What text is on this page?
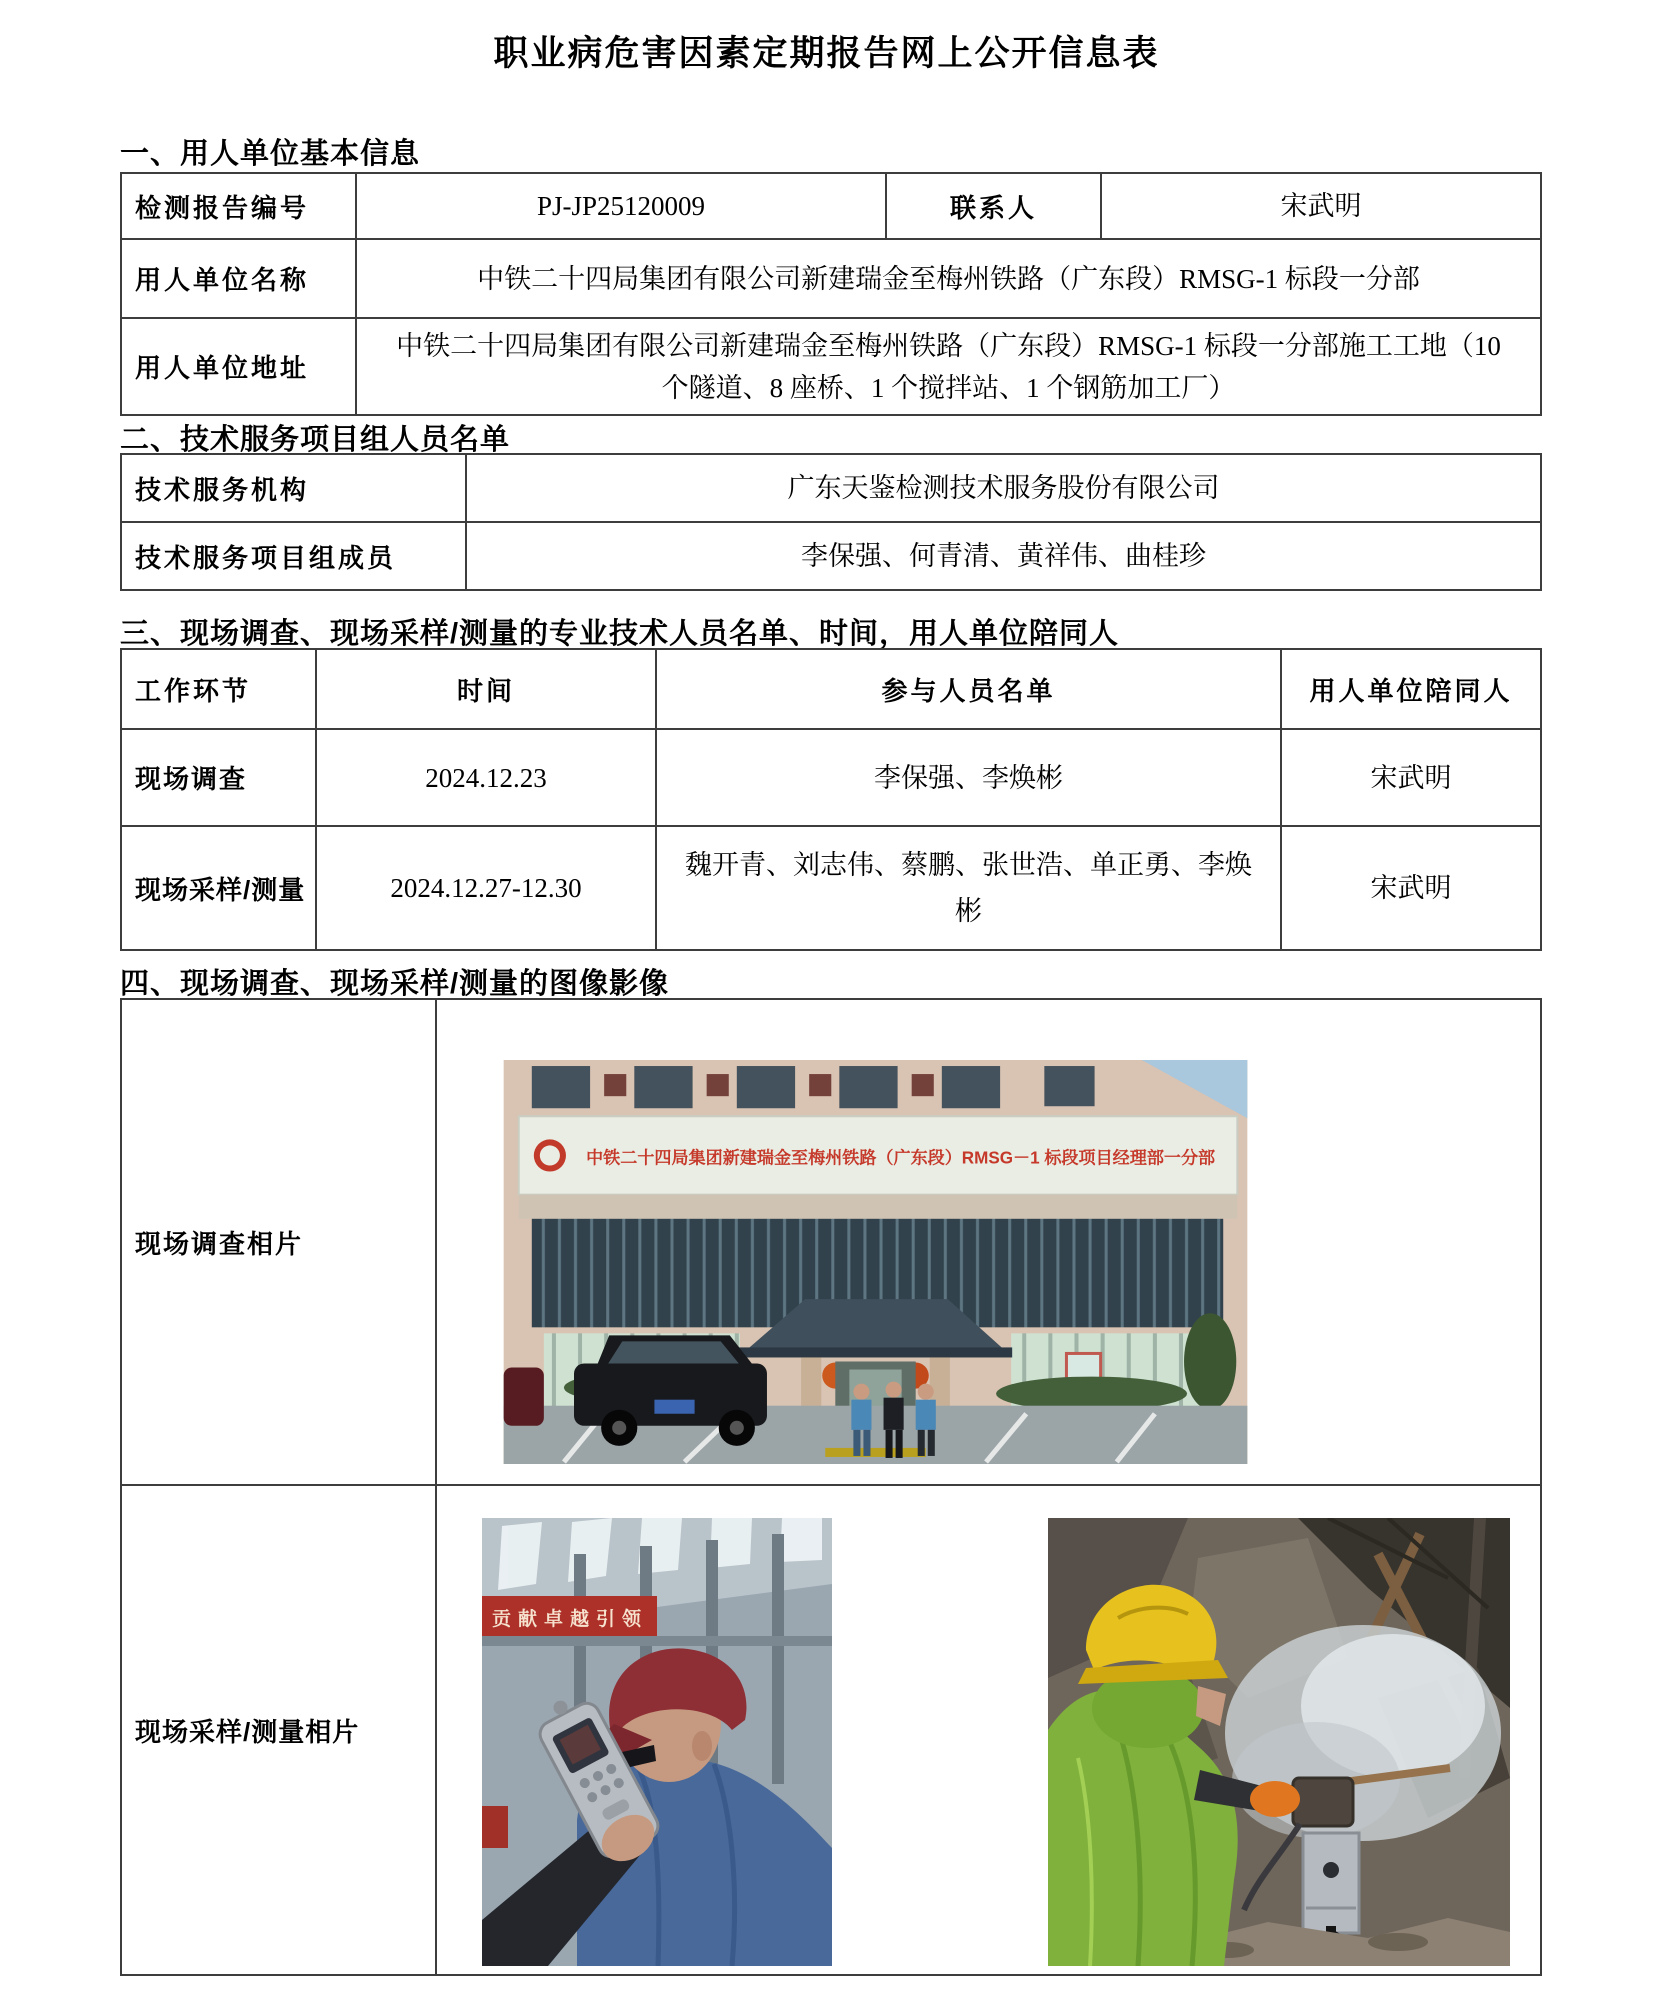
职业病危害因素定期报告网上公开信息表
一、用人单位基本信息
检测报告编号	PJ-JP25120009	联系人	宋武明
用人单位名称	中铁二十四局集团有限公司新建瑞金至梅州铁路（广东段）RMSG-1 标段一分部		
用人单位地址	中铁二十四局集团有限公司新建瑞金至梅州铁路（广东段）RMSG-1 标段一分部施工工地（10 个隧道、8 座桥、1 个搅拌站、1 个钢筋加工厂）		
二、技术服务项目组人员名单
技术服务机构	广东天鉴检测技术服务股份有限公司
技术服务项目组成员	李保强、何青清、黄祥伟、曲桂珍
三、现场调查、现场采样/测量的专业技术人员名单、时间，用人单位陪同人
工作环节	时间	参与人员名单	用人单位陪同人
现场调查	2024.12.23	李保强、李焕彬	宋武明
现场采样/测量	2024.12.27-12.30	魏开青、刘志伟、蔡鹏、张世浩、单正勇、李焕彬	宋武明
四、现场调查、现场采样/测量的图像影像
现场调查相片	中铁二十四局集团新建瑞金至梅州铁路（广东段）RMSG－1 标段项目经理部一分部

现场采样/测量相片	贡献卓越引领
